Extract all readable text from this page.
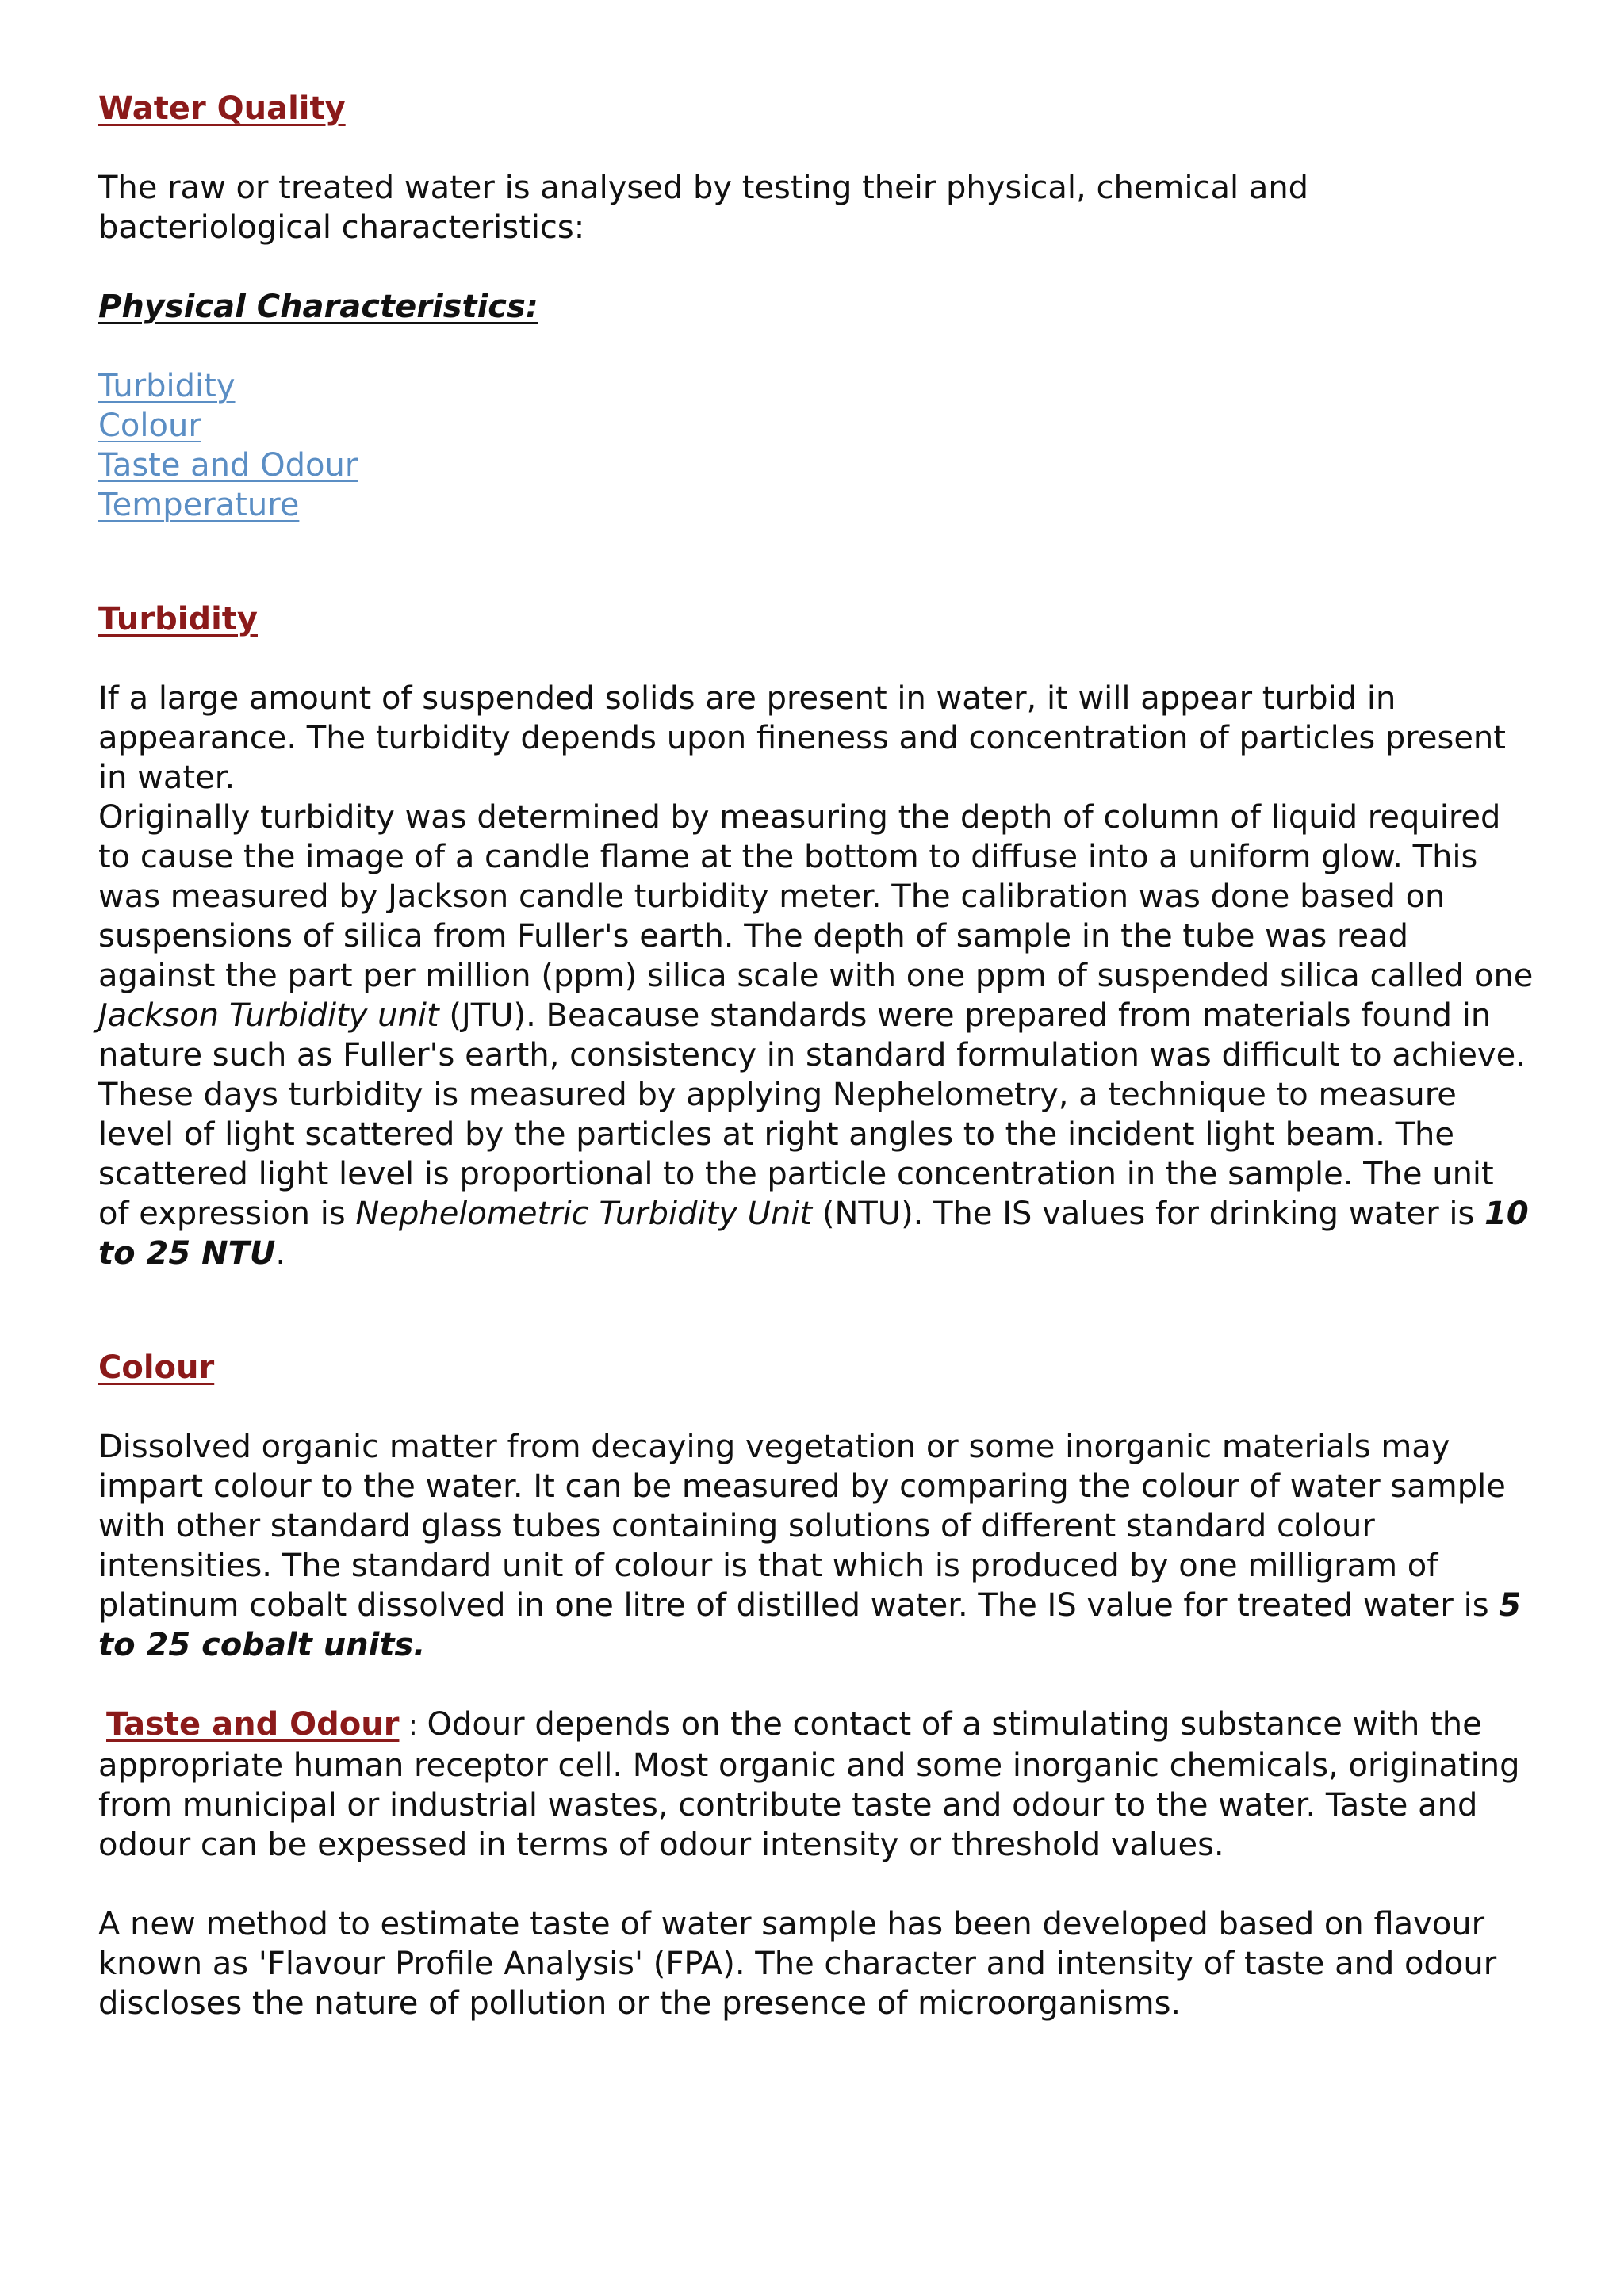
Water Quality

The raw or treated water is analysed by testing their physical, chemical and bacteriological characteristics:

Physical Characteristics:
Turbidity
Colour
Taste and Odour
Temperature
Turbidity

If a large amount of suspended solids are present in water, it will appear turbid in appearance. The turbidity depends upon fineness and concentration of particles present in water.

Originally turbidity was determined by measuring the depth of column of liquid required to cause the image of a candle flame at the bottom to diffuse into a uniform glow. This was measured by Jackson candle turbidity meter. The calibration was done based on suspensions of silica from Fuller's earth. The depth of sample in the tube was read against the part per million (ppm) silica scale with one ppm of suspended silica called one Jackson Turbidity unit (JTU). Beacause standards were prepared from materials found in nature such as Fuller's earth, consistency in standard formulation was difficult to achieve.

These days turbidity is measured by applying Nephelometry, a technique to measure level of light scattered by the particles at right angles to the incident light beam. The scattered light level is proportional to the particle concentration in the sample. The unit of expression is Nephelometric Turbidity Unit (NTU). The IS values for drinking water is 10 to 25 NTU.

Colour

Dissolved organic matter from decaying vegetation or some inorganic materials may impart colour to the water. It can be measured by comparing the colour of water sample with other standard glass tubes containing solutions of different standard colour intensities. The standard unit of colour is that which is produced by one milligram of platinum cobalt dissolved in one litre of distilled water. The IS value for treated water is 5 to 25 cobalt units.

Taste and Odour : Odour depends on the contact of a stimulating substance with the appropriate human receptor cell. Most organic and some inorganic chemicals, originating from municipal or industrial wastes, contribute taste and odour to the water. Taste and odour can be expessed in terms of odour intensity or threshold values.

A new method to estimate taste of water sample has been developed based on flavour known as 'Flavour Profile Analysis' (FPA). The character and intensity of taste and odour discloses the nature of pollution or the presence of microorganisms.
